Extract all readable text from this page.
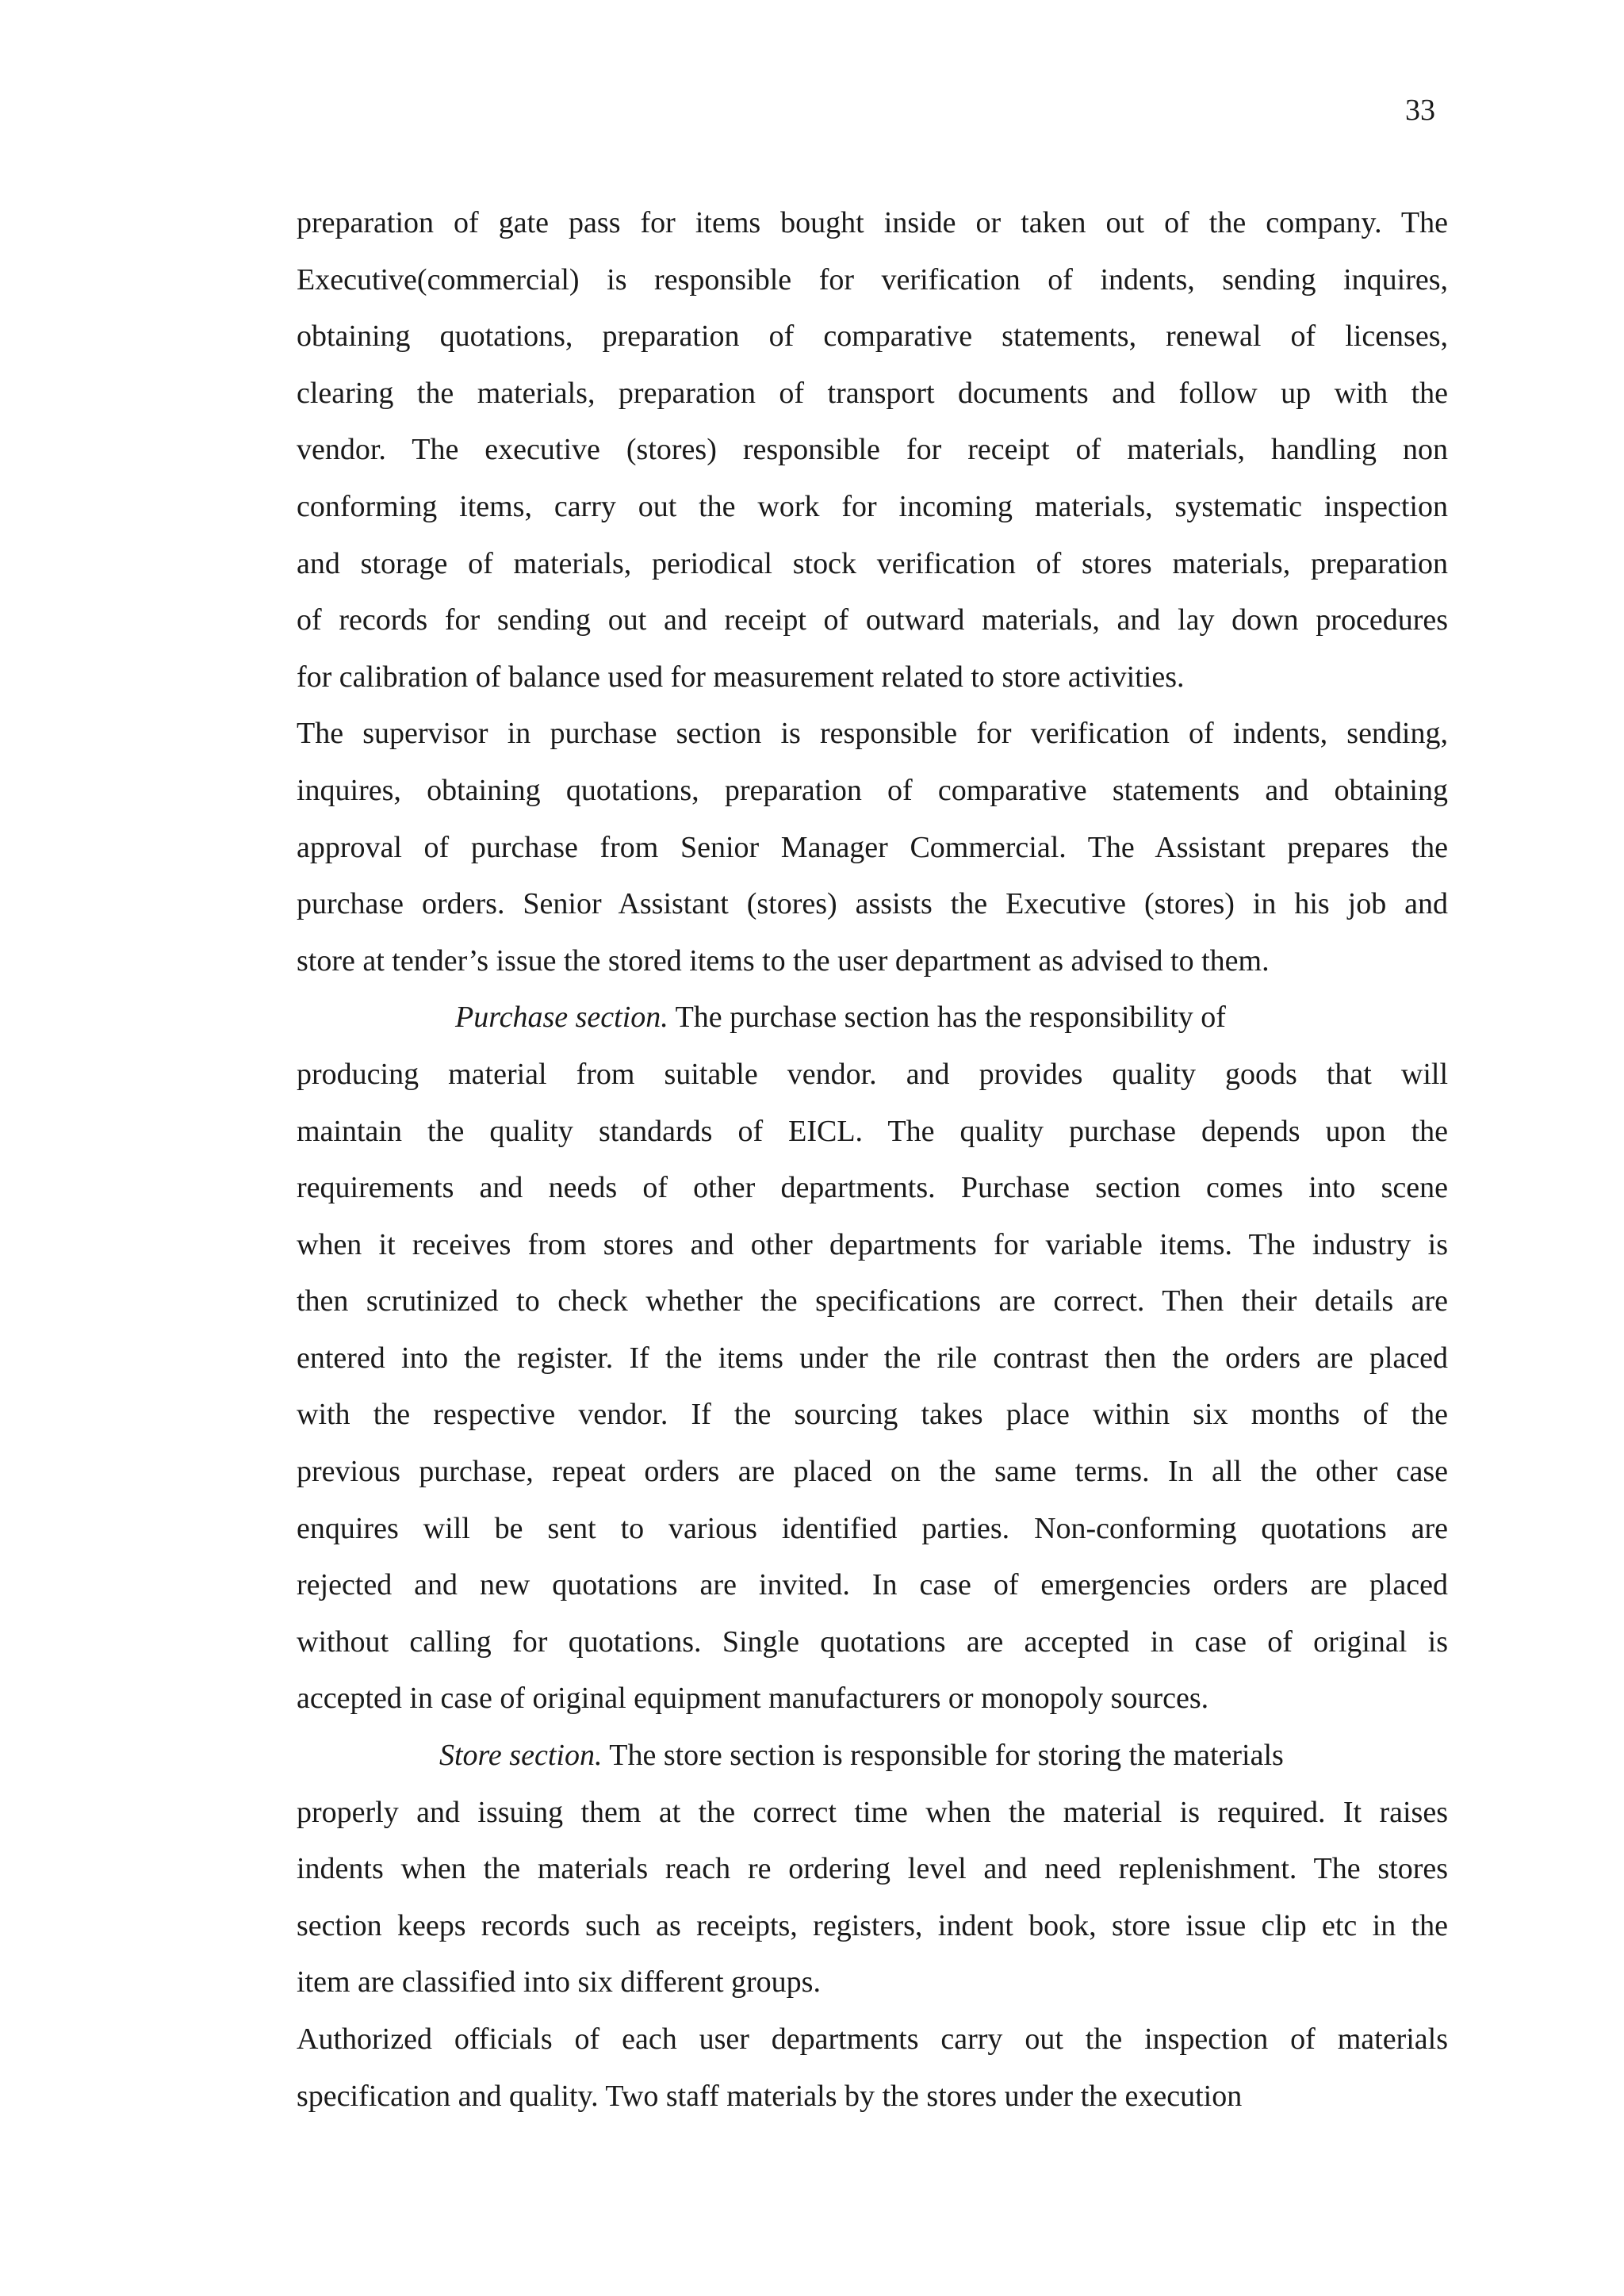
33
preparation of gate pass for items bought inside or taken out of the company. The
Executive(commercial) is responsible for verification of indents, sending inquires,
obtaining quotations, preparation of comparative statements, renewal of licenses,
clearing the materials, preparation of transport documents and follow up with the
vendor. The executive (stores) responsible for receipt of materials, handling non
conforming items, carry out the work for incoming materials, systematic inspection
and storage of materials, periodical stock verification of stores materials, preparation
of records for sending out and receipt of outward materials, and lay down procedures
for calibration of balance used for measurement related to store activities.
The supervisor in purchase section is responsible for verification of indents, sending,
inquires, obtaining quotations, preparation of comparative statements and obtaining
approval of purchase from Senior Manager Commercial. The Assistant prepares the
purchase orders. Senior Assistant (stores) assists the Executive (stores) in his job and
store at tender’s issue the stored items to the user department as advised to them.
Purchase section. The purchase section has the responsibility of
producing material from suitable vendor. and provides quality goods that will
maintain the quality standards of EICL. The quality purchase depends upon the
requirements and needs of other departments. Purchase section comes into scene
when it receives from stores and other departments for variable items. The industry is
then scrutinized to check whether the specifications are correct. Then their details are
entered into the register. If the items under the rile contrast then the orders are placed
with the respective vendor. If the sourcing takes place within six months of the
previous purchase, repeat orders are placed on the same terms. In all the other case
enquires will be sent to various identified parties. Non-conforming quotations are
rejected and new quotations are invited. In case of emergencies orders are placed
without calling for quotations. Single quotations are accepted in case of original is
accepted in case of original equipment manufacturers or monopoly sources.
Store section. The store section is responsible for storing the materials
properly and issuing them at the correct time when the material is required. It raises
indents when the materials reach re ordering level and need replenishment. The stores
section keeps records such as receipts, registers, indent book, store issue clip etc in the
item are classified into six different groups.
Authorized officials of each user departments carry out the inspection of materials
specification and quality. Two staff materials by the stores under the execution
